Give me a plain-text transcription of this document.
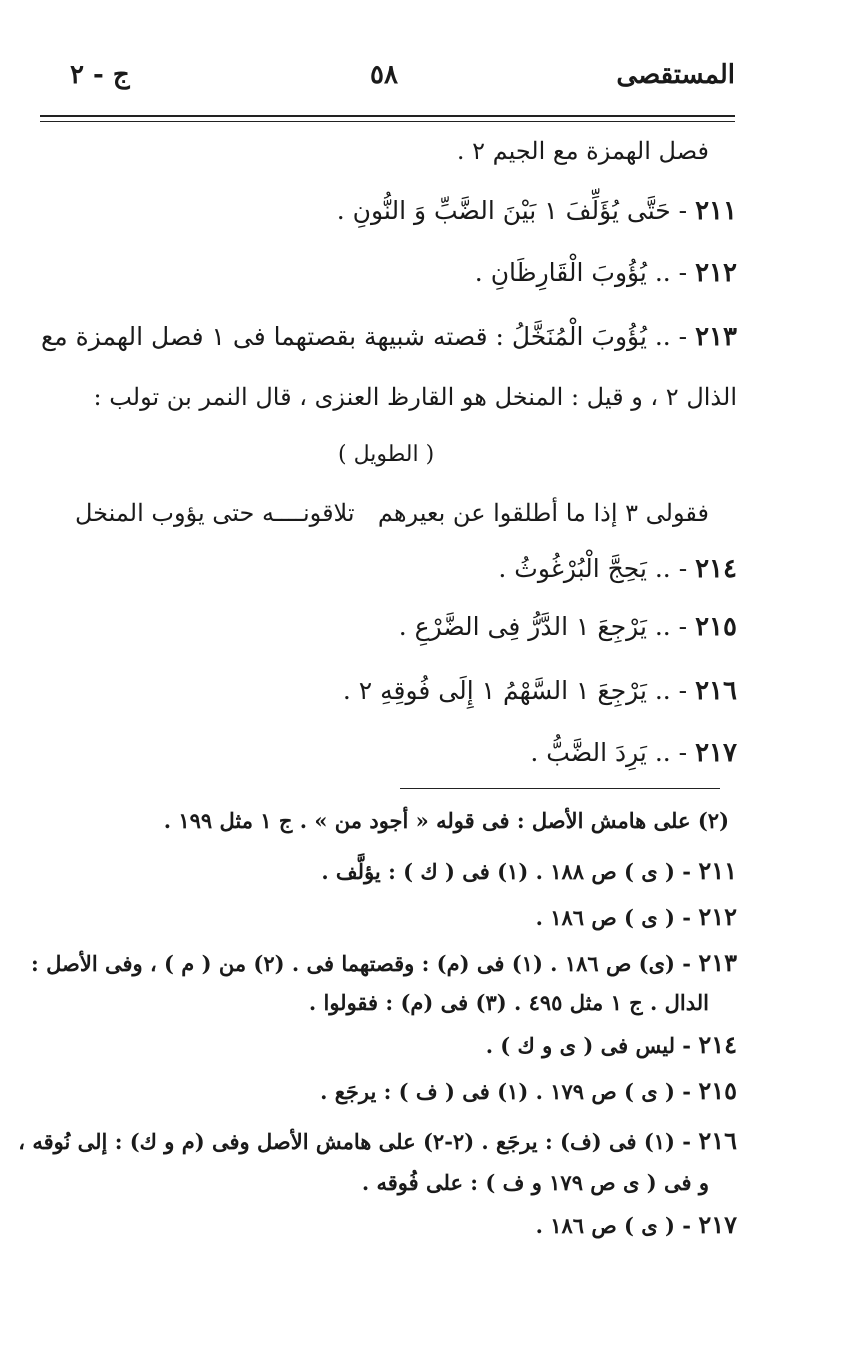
المستقصى
٥٨
ج - ٢
فصل الهمزة مع الجيم ٢ .
٢١١ - حَتَّى يُؤَلِّفَ ١ بَيْنَ الضَّبِّ وَ النُّونِ .
٢١٢ - .. يُؤُوبَ الْقَارِظَانِ .
٢١٣ - .. يُؤُوبَ الْمُنَخَّلُ : قصته شبيهة بقصتهما فى ١ فصل الهمزة مع
الذال ٢ ، و قيل : المنخل هو القارظ العنزى ، قال النمر بن تولب :
( الطويل )
فقولى ٣ إذا ما أطلقوا عن بعيرهم
تلاقونــــه حتى يؤوب المنخل
٢١٤ - .. يَحِجَّ الْبُرْغُوثُ .
٢١٥ - .. يَرْجِعَ ١ الدَّرُّ فِى الضَّرْعِ .
٢١٦ - .. يَرْجِعَ ١ السَّهْمُ ١ إِلَى فُوقِهِ ٢ .
٢١٧ - .. يَرِدَ الضَّبُّ .
(٢) على هامش الأصل : فى قوله « أجود من » . ج ١ مثل ١٩٩ .
٢١١ - ( ى ) ص ١٨٨ . (١) فى ( ك ) : يؤلَّف .
٢١٢ - ( ى ) ص ١٨٦ .
٢١٣ - (ى) ص ١٨٦ . (١) فى (م) : وقصتهما فى . (٢) من ( م ) ، وفى الأصل :
الدال . ج ١ مثل ٤٩٥ . (٣) فى (م) : فقولوا .
٢١٤ - ليس فى ( ى و ك ) .
٢١٥ - ( ى ) ص ١٧٩ . (١) فى ( ف ) : يرجَع .
٢١٦ - (١) فى (ف) : يرجَع . (٢-٢) على هامش الأصل وفى (م و ك) : إلى نُوقه ،
و فى ( ى ص ١٧٩ و ف ) : على فُوقه .
٢١٧ - ( ى ) ص ١٨٦ .
